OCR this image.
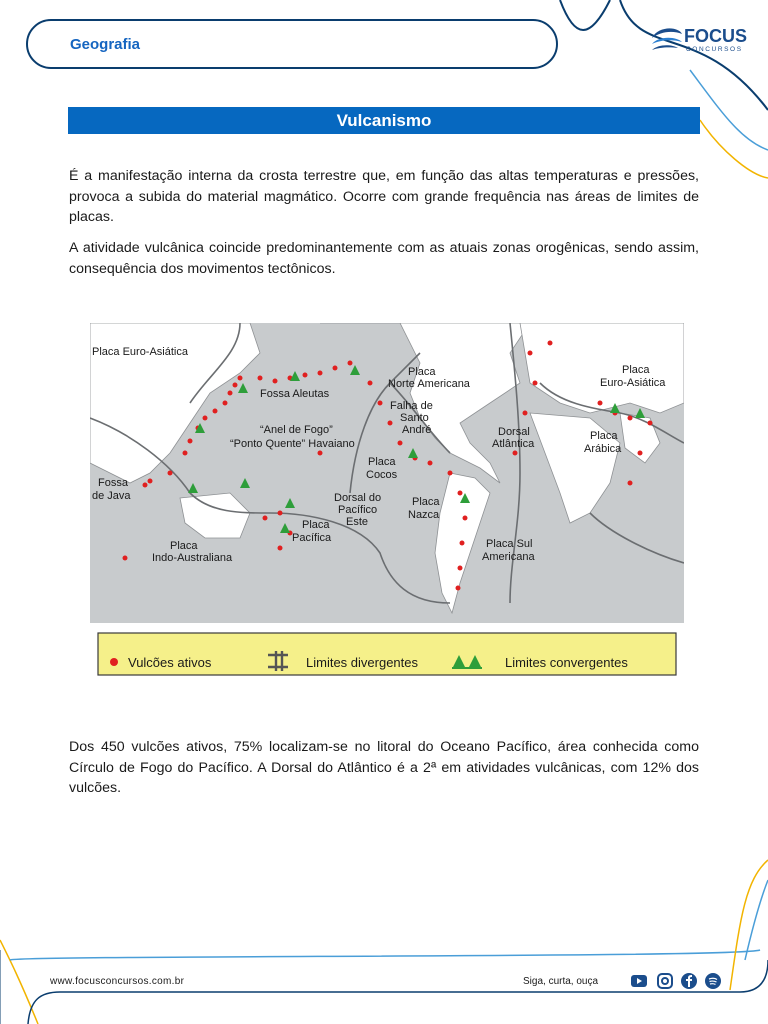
Geografia	FOCUS
CONCURSOS
Vulcanismo

É a manifestação interna da crosta terrestre que, em função das altas temperaturas e pressões, provoca a subida do material magmático. Ocorre com grande frequência nas áreas de limites de placas.

A atividade vulcânica coincide predominantemente com as atuais zonas orogênicas, sendo assim, consequência dos movimentos tectônicos.

Placa Euro-Asiática
Fossa Aleutas
Placa
Norte Americana
Falha de
Santo
André
“Anel de Fogo”
“Ponto Quente” Havaiano
Placa
Cocos
Fossa
de Java	Dorsal do
Pacífico
Este
Placa
Nazca
Placa
Pacífica
Placa
Indo-Australiana
Dorsal
Atlântica
Placa Sul
Americana
Placa
Arábica
Placa
Euro-Asiática
Vulcões ativos	Limites divergentes	Limites convergentes

Dos 450 vulcões ativos, 75% localizam-se no litoral do Oceano Pacífico, área conhecida como Círculo de Fogo do Pacífico. A Dorsal do Atlântico é a 2ª em atividades vulcânicas, com 12% dos vulcões.

www.focusconcursos.com.br	Siga, curta, ouça
